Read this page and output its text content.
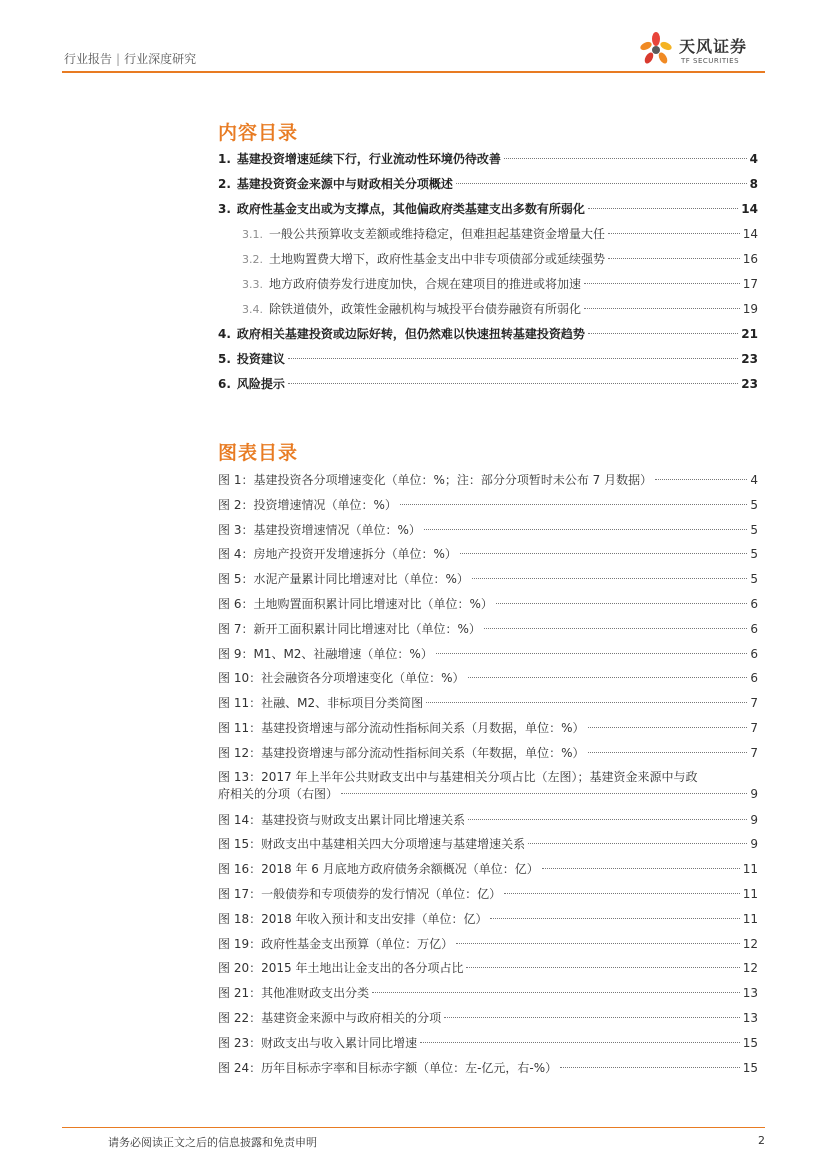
行业报告 | 行业深度研究
天风证券
TF SECURITIES
内容目录
1. 基建投资增速延续下行，行业流动性环境仍待改善	4
2. 基建投资资金来源中与财政相关分项概述	8
3. 政府性基金支出或为支撑点，其他偏政府类基建支出多数有所弱化	14
3.1. 一般公共预算收支差额或维持稳定，但难担起基建资金增量大任	14
3.2. 土地购置费大增下，政府性基金支出中非专项债部分或延续强势	16
3.3. 地方政府债券发行进度加快，合规在建项目的推进或将加速	17
3.4. 除铁道债外，政策性金融机构与城投平台债券融资有所弱化	19
4. 政府相关基建投资或边际好转，但仍然难以快速扭转基建投资趋势	21
5. 投资建议	23
6. 风险提示	23
图表目录
图 1：基建投资各分项增速变化（单位：%；注：部分分项暂时未公布 7 月数据）	4
图 2：投资增速情况（单位：%）	5
图 3：基建投资增速情况（单位：%）	5
图 4：房地产投资开发增速拆分（单位：%）	5
图 5：水泥产量累计同比增速对比（单位：%）	5
图 6：土地购置面积累计同比增速对比（单位：%）	6
图 7：新开工面积累计同比增速对比（单位：%）	6
图 9：M1、M2、社融增速（单位：%）	6
图 10：社会融资各分项增速变化（单位：%）	6
图 11：社融、M2、非标项目分类简图	7
图 11：基建投资增速与部分流动性指标间关系（月数据，单位：%）	7
图 12：基建投资增速与部分流动性指标间关系（年数据，单位：%）	7
图 13：2017 年上半年公共财政支出中与基建相关分项占比（左图）；基建资金来源中与政
府相关的分项（右图）	9
图 14：基建投资与财政支出累计同比增速关系	9
图 15：财政支出中基建相关四大分项增速与基建增速关系	9
图 16：2018 年 6 月底地方政府债务余额概况（单位：亿）	11
图 17：一般债券和专项债券的发行情况（单位：亿）	11
图 18：2018 年收入预计和支出安排（单位：亿）	11
图 19：政府性基金支出预算（单位：万亿）	12
图 20：2015 年土地出让金支出的各分项占比	12
图 21：其他准财政支出分类	13
图 22：基建资金来源中与政府相关的分项	13
图 23：财政支出与收入累计同比增速	15
图 24：历年目标赤字率和目标赤字额（单位：左-亿元，右-%）	15
请务必阅读正文之后的信息披露和免责申明	2
